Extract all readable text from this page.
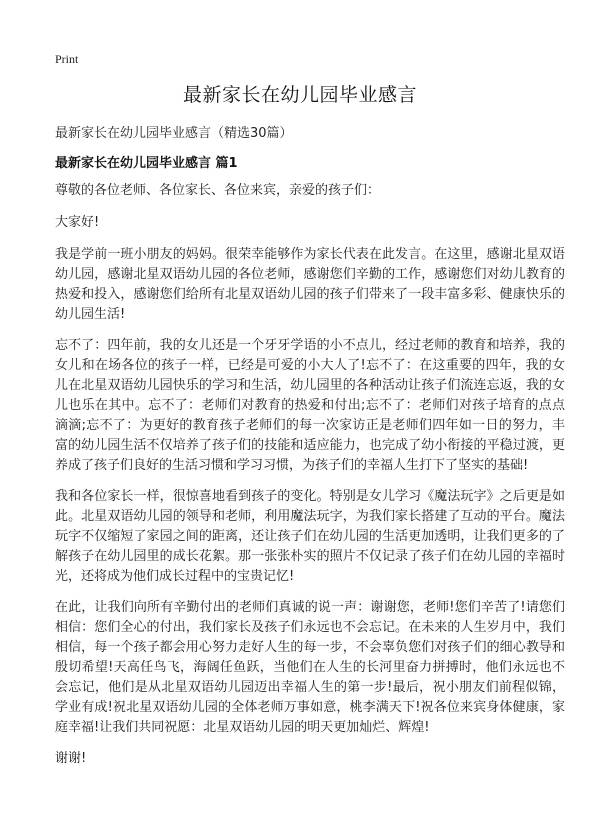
Print
最新家长在幼儿园毕业感言

最新家长在幼儿园毕业感言（精选30篇）

最新家长在幼儿园毕业感言 篇1

尊敬的各位老师、各位家长、各位来宾，亲爱的孩子们：

大家好!

我是学前一班小朋友的妈妈。很荣幸能够作为家长代表在此发言。在这里，感谢北星双语幼儿园，感谢北星双语幼儿园的各位老师，感谢您们辛勤的工作，感谢您们对幼儿教育的热爱和投入，感谢您们给所有北星双语幼儿园的孩子们带来了一段丰富多彩、健康快乐的幼儿园生活!

忘不了：四年前，我的女儿还是一个牙牙学语的小不点儿，经过老师的教育和培养，我的女儿和在场各位的孩子一样，已经是可爱的小大人了!忘不了：在这重要的四年，我的女儿在北星双语幼儿园快乐的学习和生活，幼儿园里的各种活动让孩子们流连忘返，我的女儿也乐在其中。忘不了：老师们对教育的热爱和付出;忘不了：老师们对孩子培育的点点滴滴;忘不了：为更好的教育孩子老师们的每一次家访正是老师们四年如一日的努力，丰富的幼儿园生活不仅培养了孩子们的技能和适应能力，也完成了幼小衔接的平稳过渡，更养成了孩子们良好的生活习惯和学习习惯，为孩子们的幸福人生打下了坚实的基础!

我和各位家长一样，很惊喜地看到孩子的变化。特别是女儿学习《魔法玩字》之后更是如此。北星双语幼儿园的领导和老师，利用魔法玩字，为我们家长搭建了互动的平台。魔法玩字不仅缩短了家园之间的距离，还让孩子们在幼儿园的生活更加透明，让我们更多的了解孩子在幼儿园里的成长花絮。那一张张朴实的照片不仅记录了孩子们在幼儿园的幸福时光，还将成为他们成长过程中的宝贵记忆!

在此，让我们向所有辛勤付出的老师们真诚的说一声：谢谢您，老师!您们辛苦了!请您们相信：您们全心的付出，我们家长及孩子们永远也不会忘记。在未来的人生岁月中，我们相信，每一个孩子都会用心努力走好人生的每一步，不会辜负您们对孩子们的细心教导和殷切希望!天高任鸟飞，海阔任鱼跃，当他们在人生的长河里奋力拼搏时，他们永远也不会忘记，他们是从北星双语幼儿园迈出幸福人生的第一步!最后，祝小朋友们前程似锦，学业有成!祝北星双语幼儿园的全体老师万事如意，桃李满天下!祝各位来宾身体健康，家庭幸福!让我们共同祝愿：北星双语幼儿园的明天更加灿烂、辉煌!

谢谢!
